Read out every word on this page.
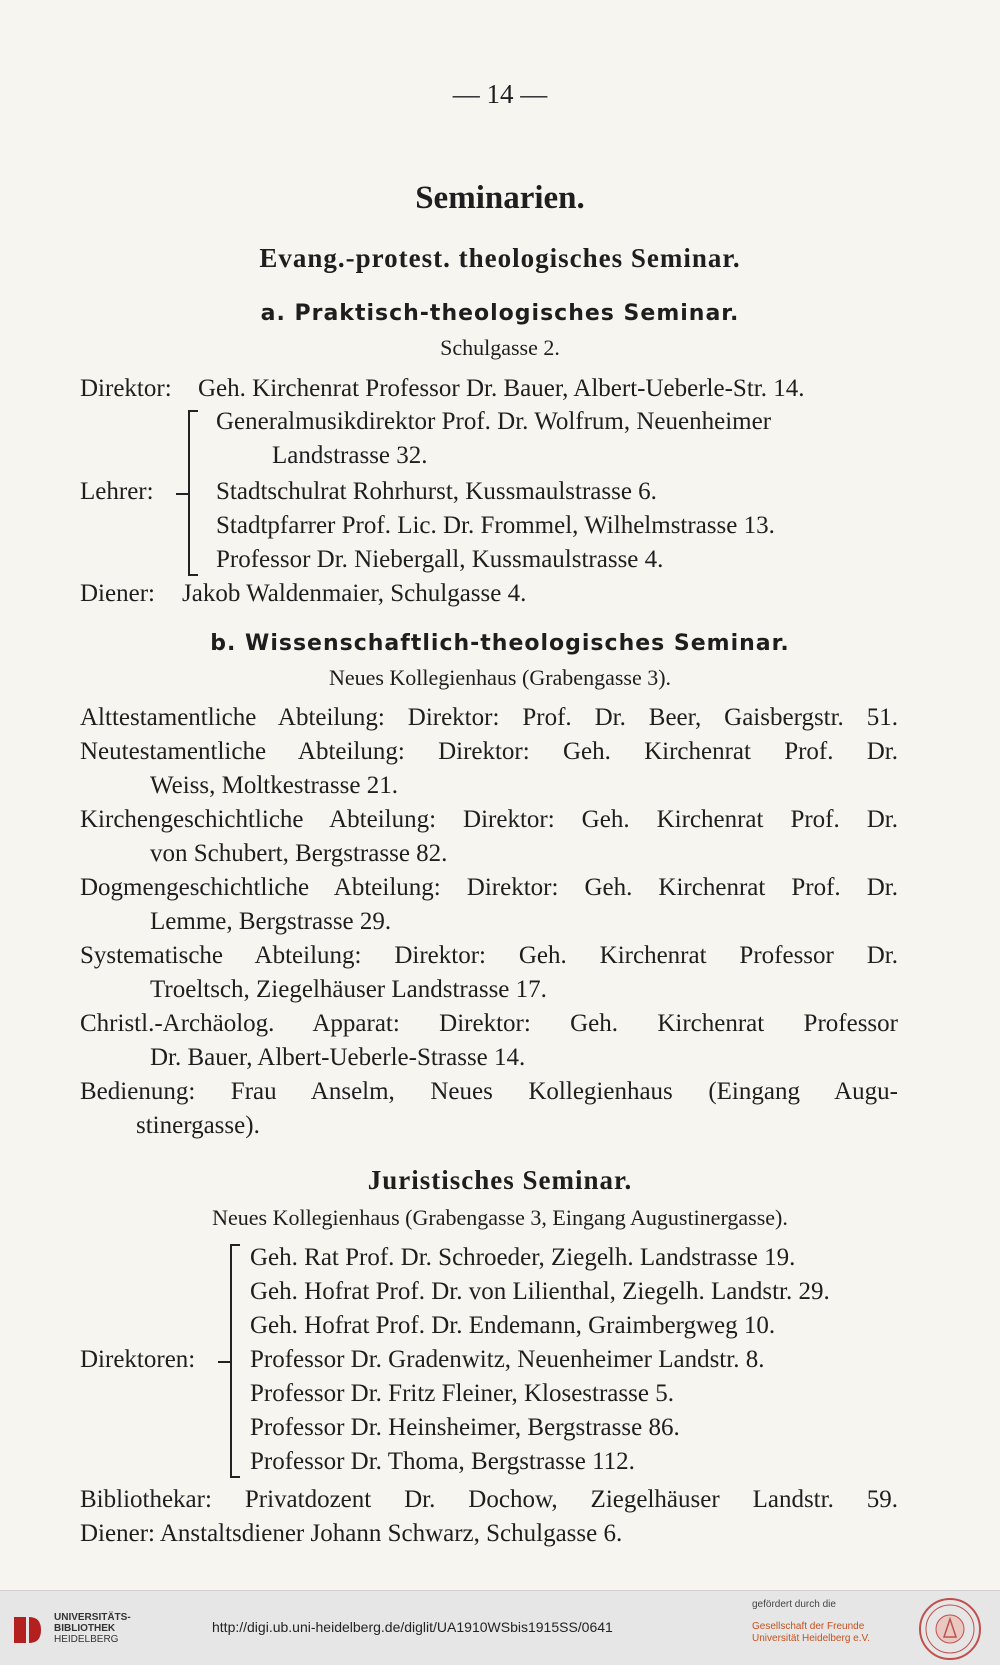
— 14 —
Seminarien.
Evang.-protest. theologisches Seminar.
a. Praktisch-theologisches Seminar.
Schulgasse 2.
Direktor: Geh. Kirchenrat Professor Dr. Bauer, Albert-Ueberle-Str. 14.
Lehrer:
Generalmusikdirektor Prof. Dr. Wolfrum, Neuenheimer
Landstrasse 32.
Stadtschulrat Rohrhurst, Kussmaulstrasse 6.
Stadtpfarrer Prof. Lic. Dr. Frommel, Wilhelmstrasse 13.
Professor Dr. Niebergall, Kussmaulstrasse 4.
Diener: Jakob Waldenmaier, Schulgasse 4.
b. Wissenschaftlich-theologisches Seminar.
Neues Kollegienhaus (Grabengasse 3).
Alttestamentliche Abteilung: Direktor: Prof. Dr. Beer, Gaisbergstr. 51.
Neutestamentliche Abteilung: Direktor: Geh. Kirchenrat Prof. Dr.
Weiss, Moltkestrasse 21.
Kirchengeschichtliche Abteilung: Direktor: Geh. Kirchenrat Prof. Dr.
von Schubert, Bergstrasse 82.
Dogmengeschichtliche Abteilung: Direktor: Geh. Kirchenrat Prof. Dr.
Lemme, Bergstrasse 29.
Systematische Abteilung: Direktor: Geh. Kirchenrat Professor Dr.
Troeltsch, Ziegelhäuser Landstrasse 17.
Christl.-Archäolog. Apparat: Direktor: Geh. Kirchenrat Professor
Dr. Bauer, Albert-Ueberle-Strasse 14.
Bedienung: Frau Anselm, Neues Kollegienhaus (Eingang Augu-
stinergasse).
Juristisches Seminar.
Neues Kollegienhaus (Grabengasse 3, Eingang Augustinergasse).
Direktoren:
Geh. Rat Prof. Dr. Schroeder, Ziegelh. Landstrasse 19.
Geh. Hofrat Prof. Dr. von Lilienthal, Ziegelh. Landstr. 29.
Geh. Hofrat Prof. Dr. Endemann, Graimbergweg 10.
Professor Dr. Gradenwitz, Neuenheimer Landstr. 8.
Professor Dr. Fritz Fleiner, Klosestrasse 5.
Professor Dr. Heinsheimer, Bergstrasse 86.
Professor Dr. Thoma, Bergstrasse 112.
Bibliothekar: Privatdozent Dr. Dochow, Ziegelhäuser Landstr. 59.
Diener: Anstaltsdiener Johann Schwarz, Schulgasse 6.
UNIVERSITÄTS-
BIBLIOTHEK
HEIDELBERG
http://digi.ub.uni-heidelberg.de/diglit/UA1910WSbis1915SS/0641
gefördert durch die
Gesellschaft der Freunde
Universität Heidelberg e.V.
